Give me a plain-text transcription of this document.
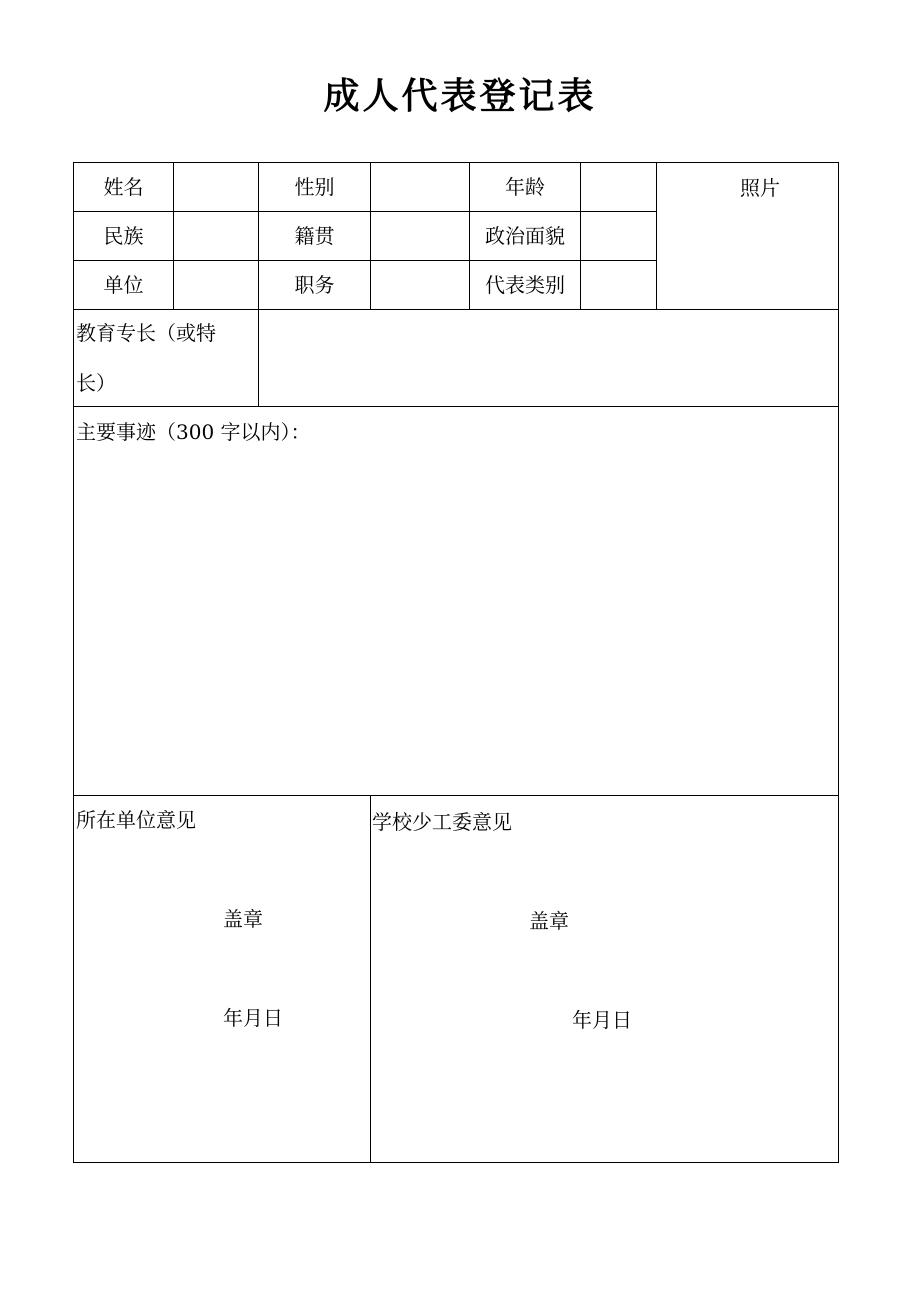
成人代表登记表
姓名	性别	年龄	照片
民族	籍贯	政治面貌
单位	职务	代表类别
教育专长（或特
长）
主要事迹（300 字以内）：
所在单位意见
盖章
年月日
学校少工委意见
盖章
年月日
